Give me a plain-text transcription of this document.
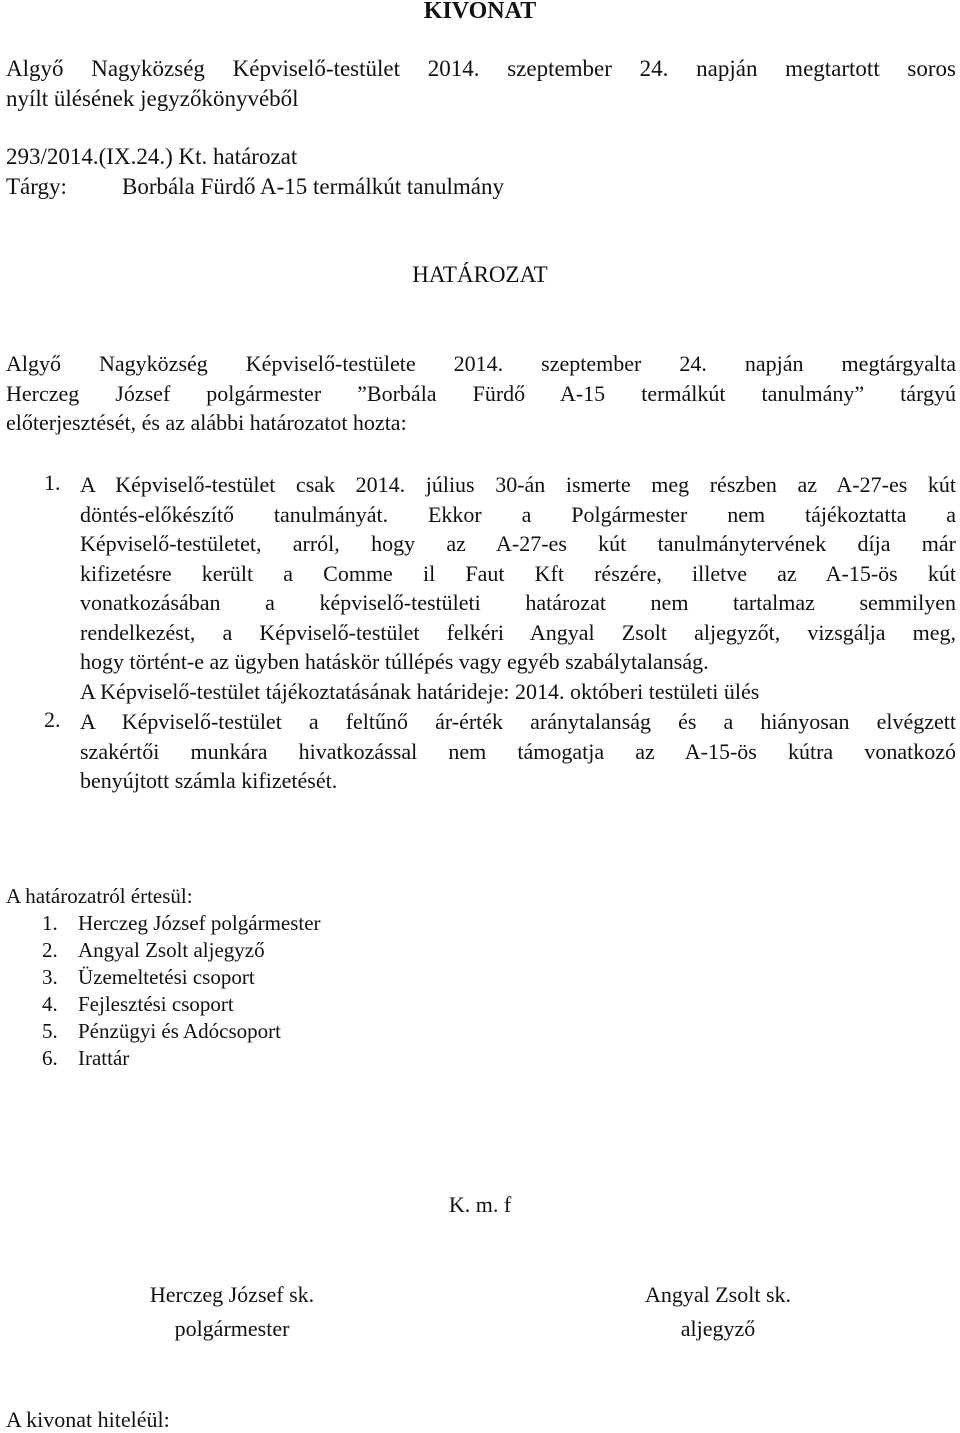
KIVONAT
Algyő Nagyközség Képviselő-testület 2014. szeptember 24. napján megtartott soros
nyílt ülésének jegyzőkönyvéből
293/2014.(IX.24.) Kt. határozat
Tárgy: Borbála Fürdő A-15 termálkút tanulmány
HATÁROZAT
Algyő Nagyközség Képviselő-testülete 2014. szeptember 24. napján megtárgyalta
Herczeg József polgármester ”Borbála Fürdő A-15 termálkút tanulmány” tárgyú
előterjesztését, és az alábbi határozatot hozta:
1. A Képviselő-testület csak 2014. július 30-án ismerte meg részben az A-27-es kút
döntés-előkészítő tanulmányát. Ekkor a Polgármester nem tájékoztatta a
Képviselő-testületet, arról, hogy az A-27-es kút tanulmánytervének díja már
kifizetésre került a Comme il Faut Kft részére, illetve az A-15-ös kút
vonatkozásában a képviselő-testületi határozat nem tartalmaz semmilyen
rendelkezést, a Képviselő-testület felkéri Angyal Zsolt aljegyzőt, vizsgálja meg,
hogy történt-e az ügyben hatáskör túllépés vagy egyéb szabálytalanság.
A Képviselő-testület tájékoztatásának határideje: 2014. októberi testületi ülés
2. A Képviselő-testület a feltűnő ár-érték aránytalanság és a hiányosan elvégzett
szakértői munkára hivatkozással nem támogatja az A-15-ös kútra vonatkozó
benyújtott számla kifizetését.
A határozatról értesül:
1. Herczeg József polgármester
2. Angyal Zsolt aljegyző
3. Üzemeltetési csoport
4. Fejlesztési csoport
5. Pénzügyi és Adócsoport
6. Irattár
K. m. f
Herczeg József sk.
polgármester
Angyal Zsolt sk.
aljegyző
A kivonat hiteléül:
